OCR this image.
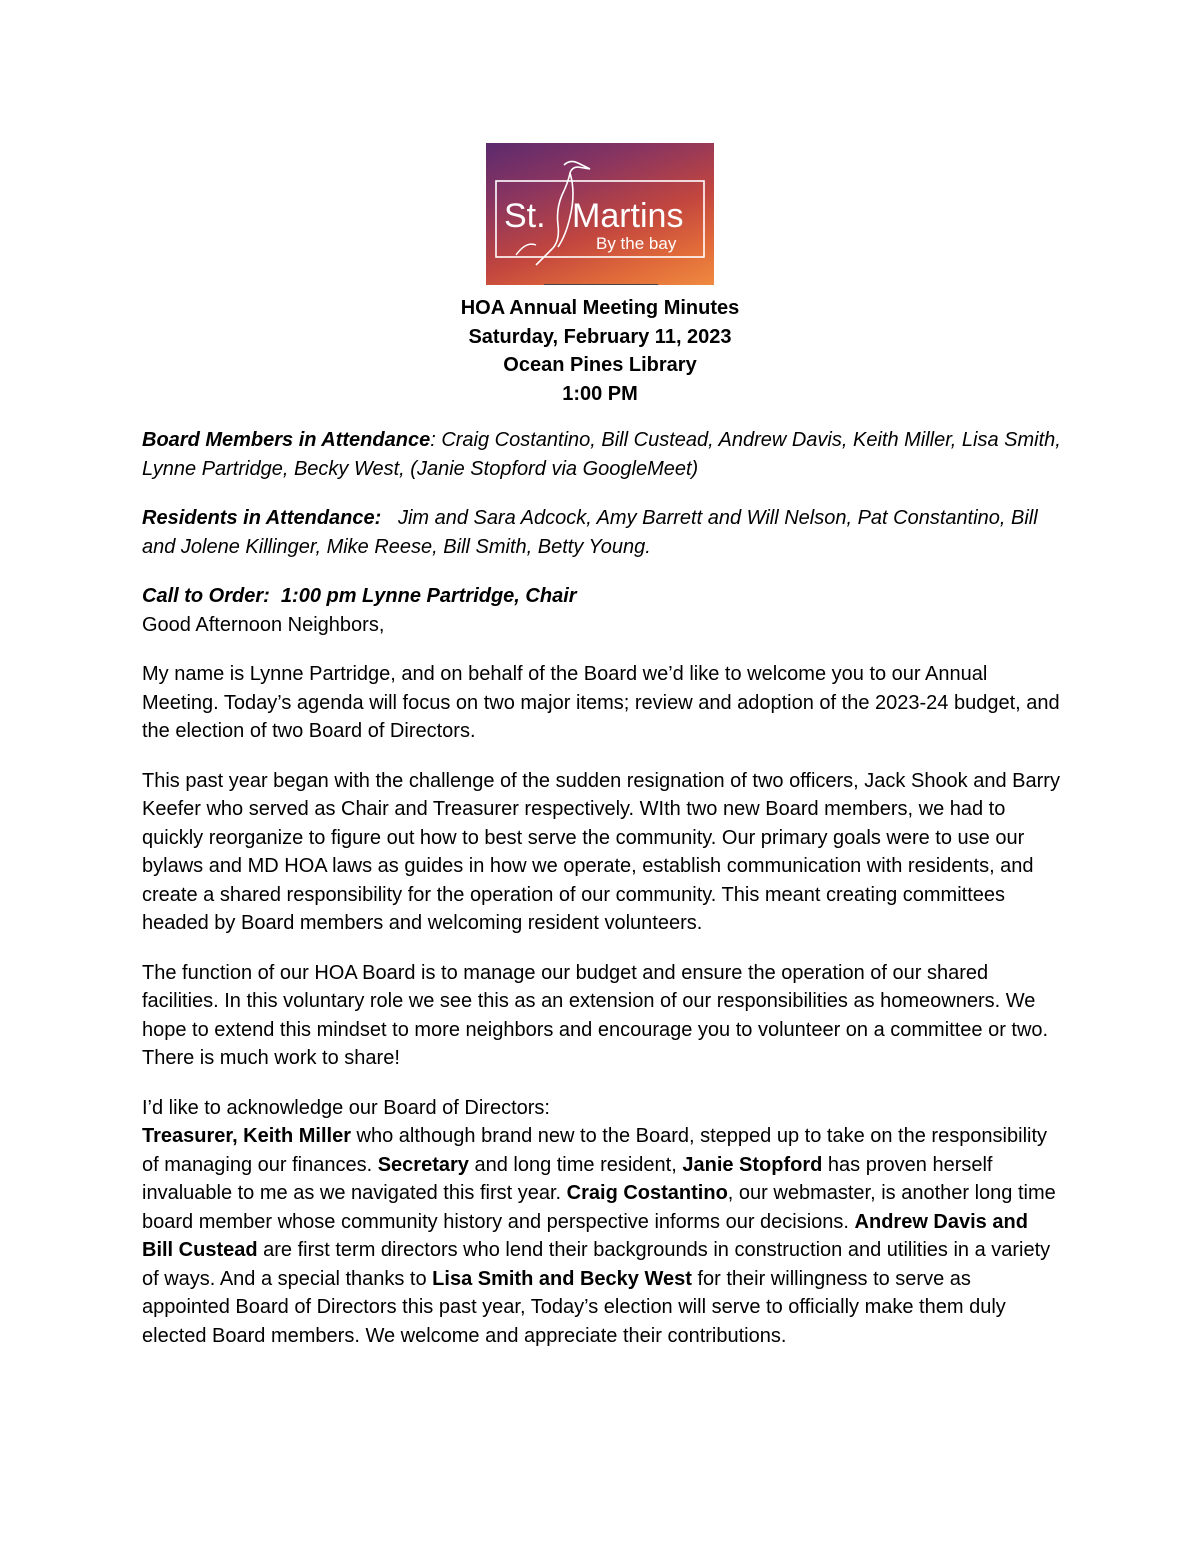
St. Martins
By the bay
HOA Annual Meeting Minutes
Saturday, February 11, 2023
Ocean Pines Library
1:00 PM

Board Members in Attendance: Craig Costantino, Bill Custead, Andrew Davis, Keith Miller, Lisa Smith, Lynne Partridge, Becky West, (Janie Stopford via GoogleMeet)

Residents in Attendance:   Jim and Sara Adcock, Amy Barrett and Will Nelson, Pat Constantino, Bill and Jolene Killinger, Mike Reese, Bill Smith, Betty Young.

Call to Order:  1:00 pm Lynne Partridge, Chair

Good Afternoon Neighbors,

My name is Lynne Partridge, and on behalf of the Board we’d like to welcome you to our Annual Meeting. Today’s agenda will focus on two major items; review and adoption of the 2023-24 budget, and the election of two Board of Directors.

This past year began with the challenge of the sudden resignation of two officers, Jack Shook and Barry Keefer who served as Chair and Treasurer respectively. WIth two new Board members, we had to quickly reorganize to figure out how to best serve the community. Our primary goals were to use our bylaws and MD HOA laws as guides in how we operate, establish communication with residents, and create a shared responsibility for the operation of our community. This meant creating committees headed by Board members and welcoming resident volunteers.

The function of our HOA Board is to manage our budget and ensure the operation of our shared facilities. In this voluntary role we see this as an extension of our responsibilities as homeowners. We hope to extend this mindset to more neighbors and encourage you to volunteer on a committee or two. There is much work to share!

I’d like to acknowledge our Board of Directors:

Treasurer, Keith Miller who although brand new to the Board, stepped up to take on the responsibility of managing our finances. Secretary and long time resident, Janie Stopford has proven herself invaluable to me as we navigated this first year. Craig Costantino, our webmaster, is another long time board member whose community history and perspective informs our decisions. Andrew Davis and Bill Custead are first term directors who lend their backgrounds in construction and utilities in a variety of ways. And a special thanks to Lisa Smith and Becky West for their willingness to serve as appointed Board of Directors this past year, Today’s election will serve to officially make them duly elected Board members. We welcome and appreciate their contributions.
